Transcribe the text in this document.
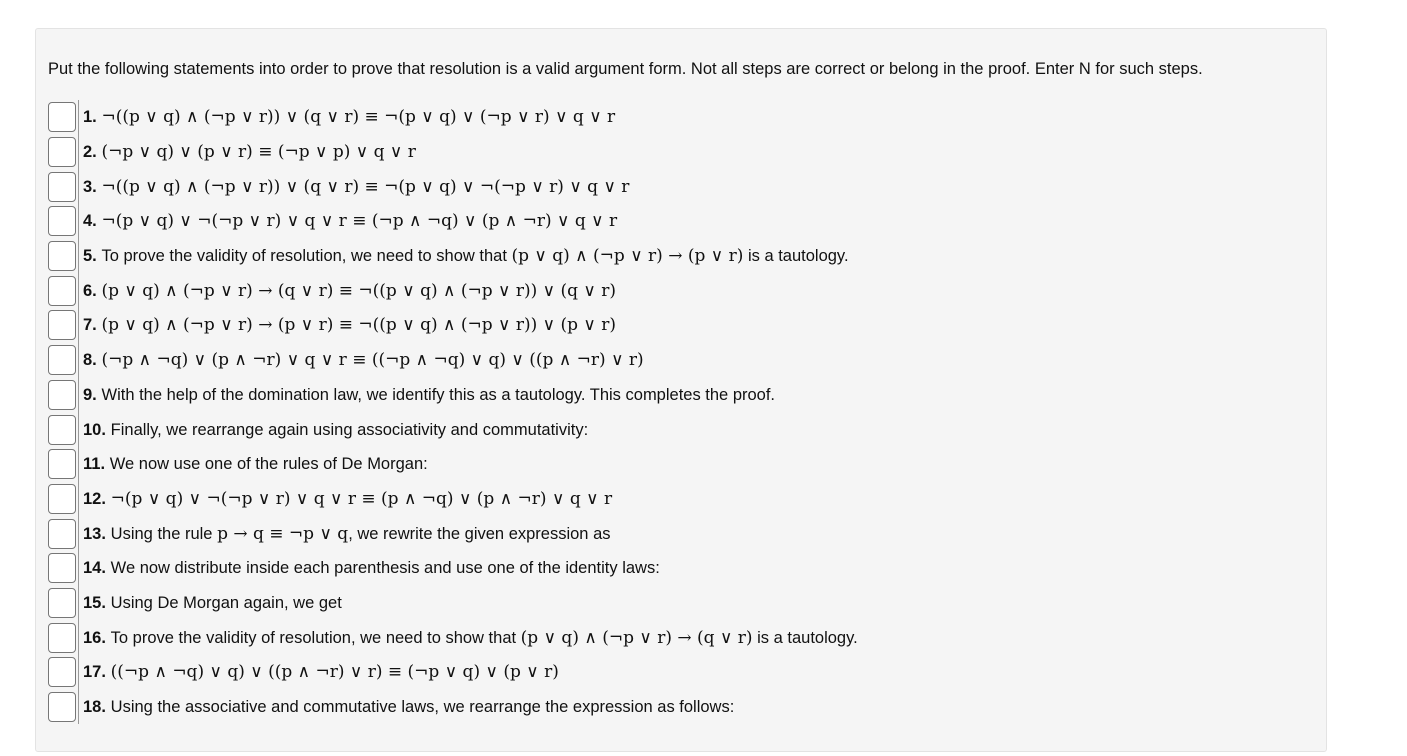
Put the following statements into order to prove that resolution is a valid argument form. Not all steps are correct or belong in the proof. Enter N for such steps.
1. ¬((p ∨ q) ∧ (¬p ∨ r)) ∨ (q ∨ r) ≡ ¬(p ∨ q) ∨ (¬p ∨ r) ∨ q ∨ r
2. (¬p ∨ q) ∨ (p ∨ r) ≡ (¬p ∨ p) ∨ q ∨ r
3. ¬((p ∨ q) ∧ (¬p ∨ r)) ∨ (q ∨ r) ≡ ¬(p ∨ q) ∨ ¬(¬p ∨ r) ∨ q ∨ r
4. ¬(p ∨ q) ∨ ¬(¬p ∨ r) ∨ q ∨ r ≡ (¬p ∧ ¬q) ∨ (p ∧ ¬r) ∨ q ∨ r
5. To prove the validity of resolution, we need to show that (p ∨ q) ∧ (¬p ∨ r) → (p ∨ r) is a tautology.
6. (p ∨ q) ∧ (¬p ∨ r) → (q ∨ r) ≡ ¬((p ∨ q) ∧ (¬p ∨ r)) ∨ (q ∨ r)
7. (p ∨ q) ∧ (¬p ∨ r) → (p ∨ r) ≡ ¬((p ∨ q) ∧ (¬p ∨ r)) ∨ (p ∨ r)
8. (¬p ∧ ¬q) ∨ (p ∧ ¬r) ∨ q ∨ r ≡ ((¬p ∧ ¬q) ∨ q) ∨ ((p ∧ ¬r) ∨ r)
9. With the help of the domination law, we identify this as a tautology. This completes the proof.
10. Finally, we rearrange again using associativity and commutativity:
11. We now use one of the rules of De Morgan:
12. ¬(p ∨ q) ∨ ¬(¬p ∨ r) ∨ q ∨ r ≡ (p ∧ ¬q) ∨ (p ∧ ¬r) ∨ q ∨ r
13. Using the rule p → q ≡ ¬p ∨ q, we rewrite the given expression as
14. We now distribute inside each parenthesis and use one of the identity laws:
15. Using De Morgan again, we get
16. To prove the validity of resolution, we need to show that (p ∨ q) ∧ (¬p ∨ r) → (q ∨ r) is a tautology.
17. ((¬p ∧ ¬q) ∨ q) ∨ ((p ∧ ¬r) ∨ r) ≡ (¬p ∨ q) ∨ (p ∨ r)
18. Using the associative and commutative laws, we rearrange the expression as follows:
